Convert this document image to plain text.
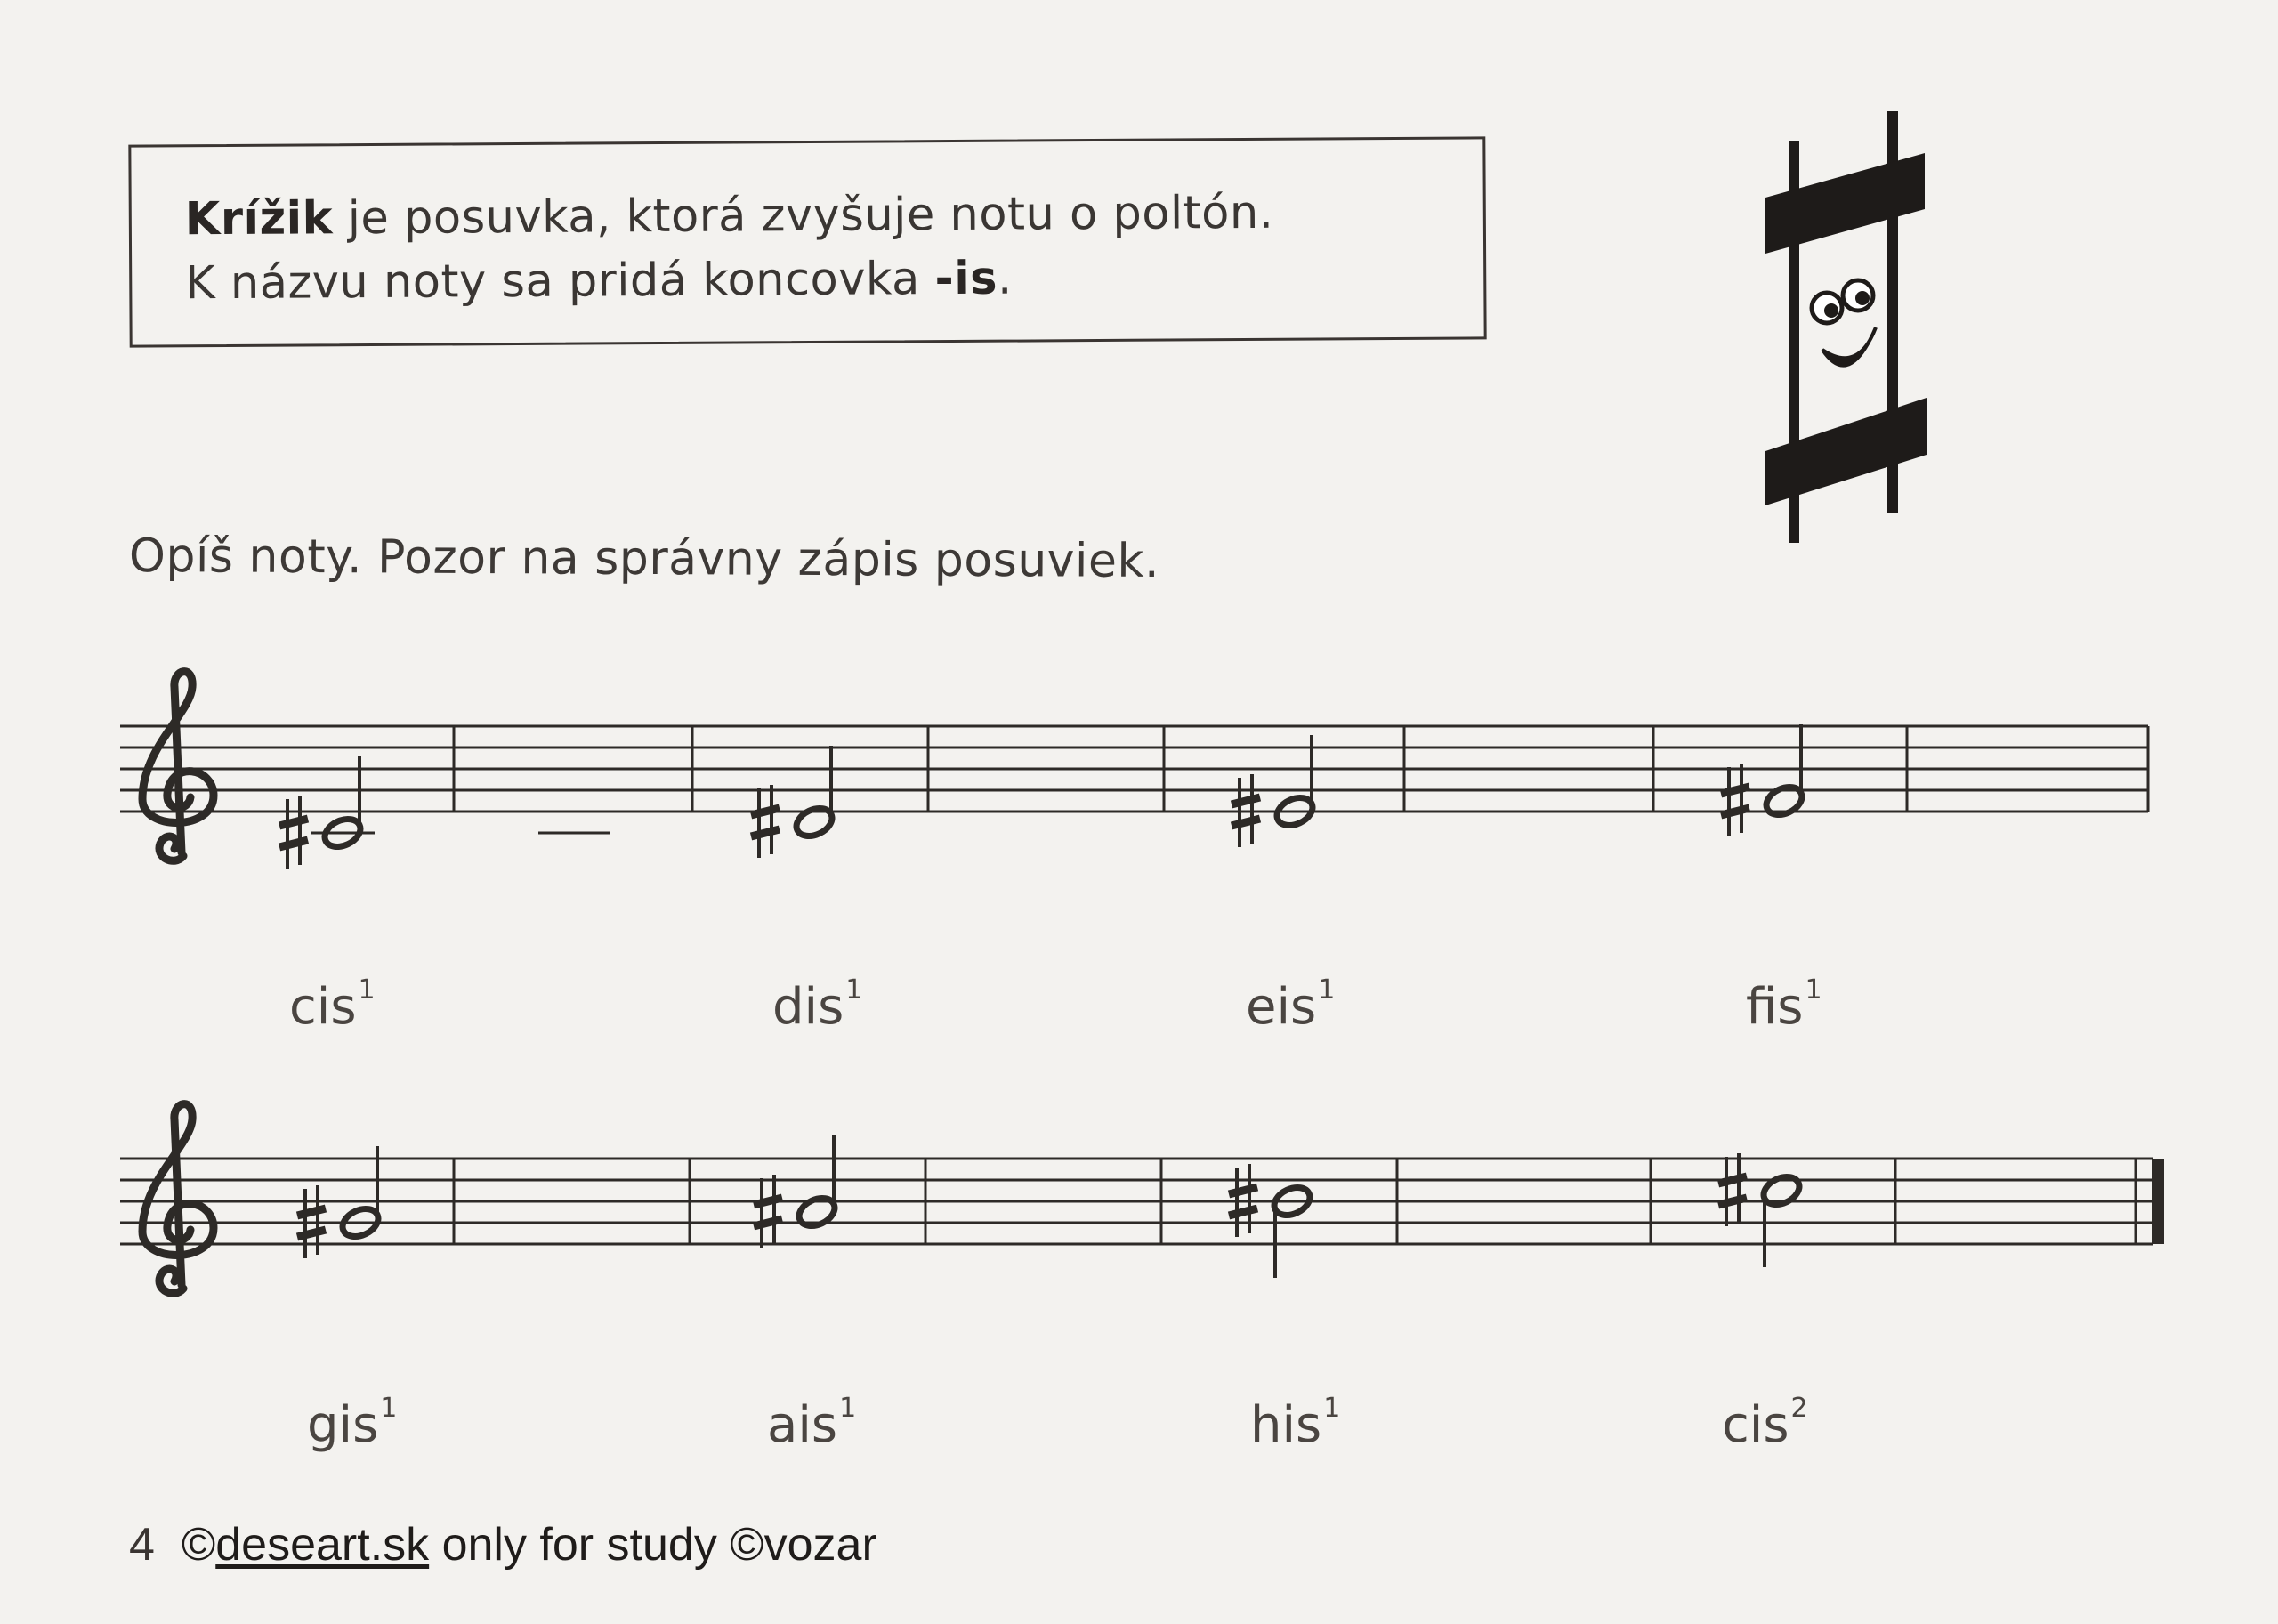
Krížik je posuvka, ktorá zvyšuje notu o poltón.
K názvu noty sa pridá koncovka -is.
Opíš noty. Pozor na správny zápis posuviek.
cis$^1$	dis$^1$	eis$^1$	fis$^1$
gis$^1$	ais$^1$	his$^1$	cis$^2$
4 ©deseart.sk only for study ©vozar
